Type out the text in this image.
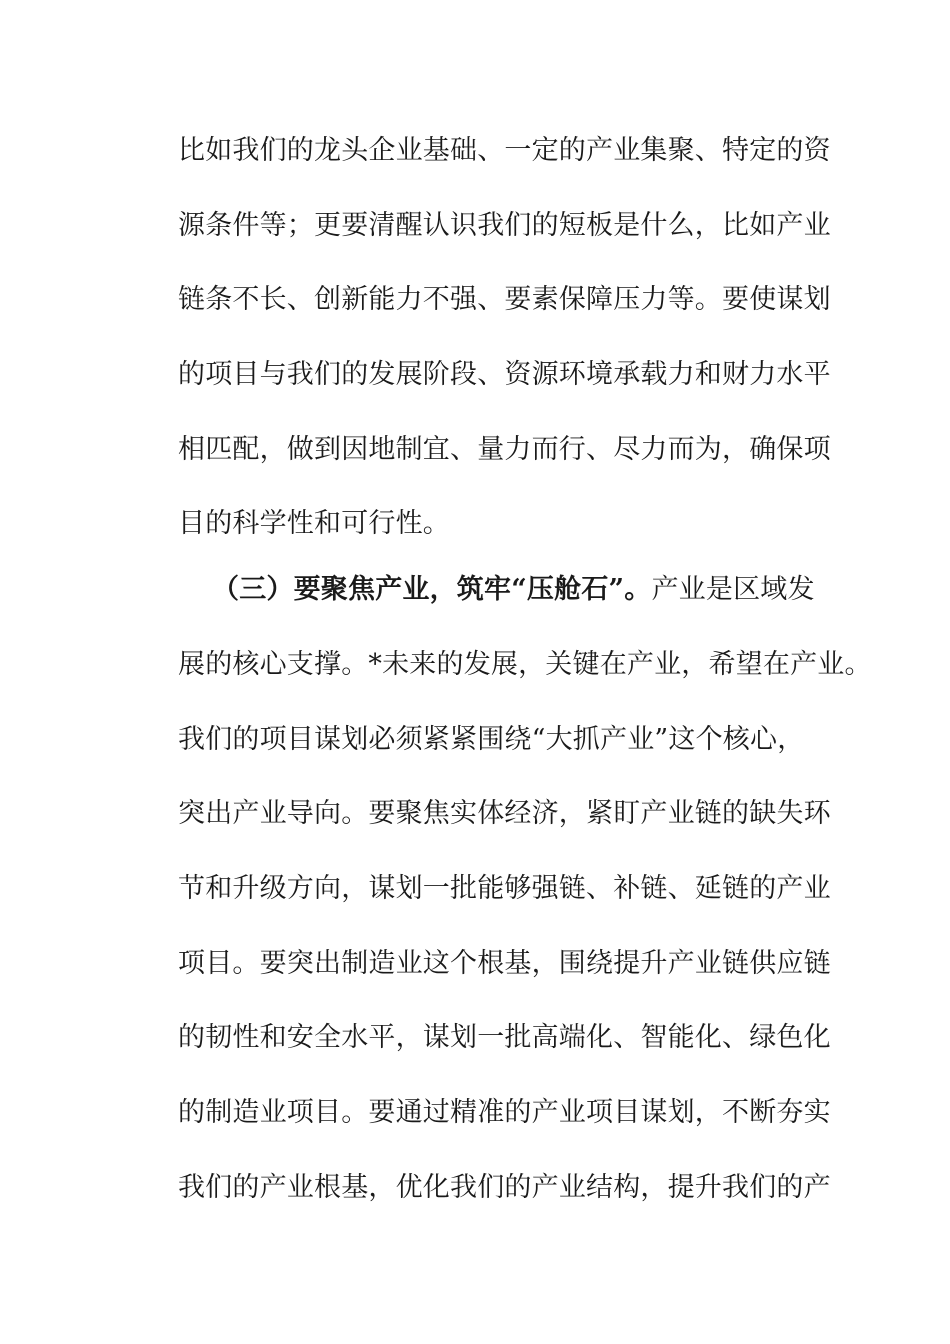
比如我们的龙头企业基础、一定的产业集聚、特定的资
源条件等；更要清醒认识我们的短板是什么，比如产业
链条不长、创新能力不强、要素保障压力等。要使谋划
的项目与我们的发展阶段、资源环境承载力和财力水平
相匹配，做到因地制宜、量力而行、尽力而为，确保项
目的科学性和可行性。
（三）要聚焦产业，筑牢“压舱石”。产业是区域发
展的核心支撑。*未来的发展，关键在产业，希望在产业。
我们的项目谋划必须紧紧围绕“大抓产业”这个核心，
突出产业导向。要聚焦实体经济，紧盯产业链的缺失环
节和升级方向，谋划一批能够强链、补链、延链的产业
项目。要突出制造业这个根基，围绕提升产业链供应链
的韧性和安全水平，谋划一批高端化、智能化、绿色化
的制造业项目。要通过精准的产业项目谋划，不断夯实
我们的产业根基，优化我们的产业结构，提升我们的产
